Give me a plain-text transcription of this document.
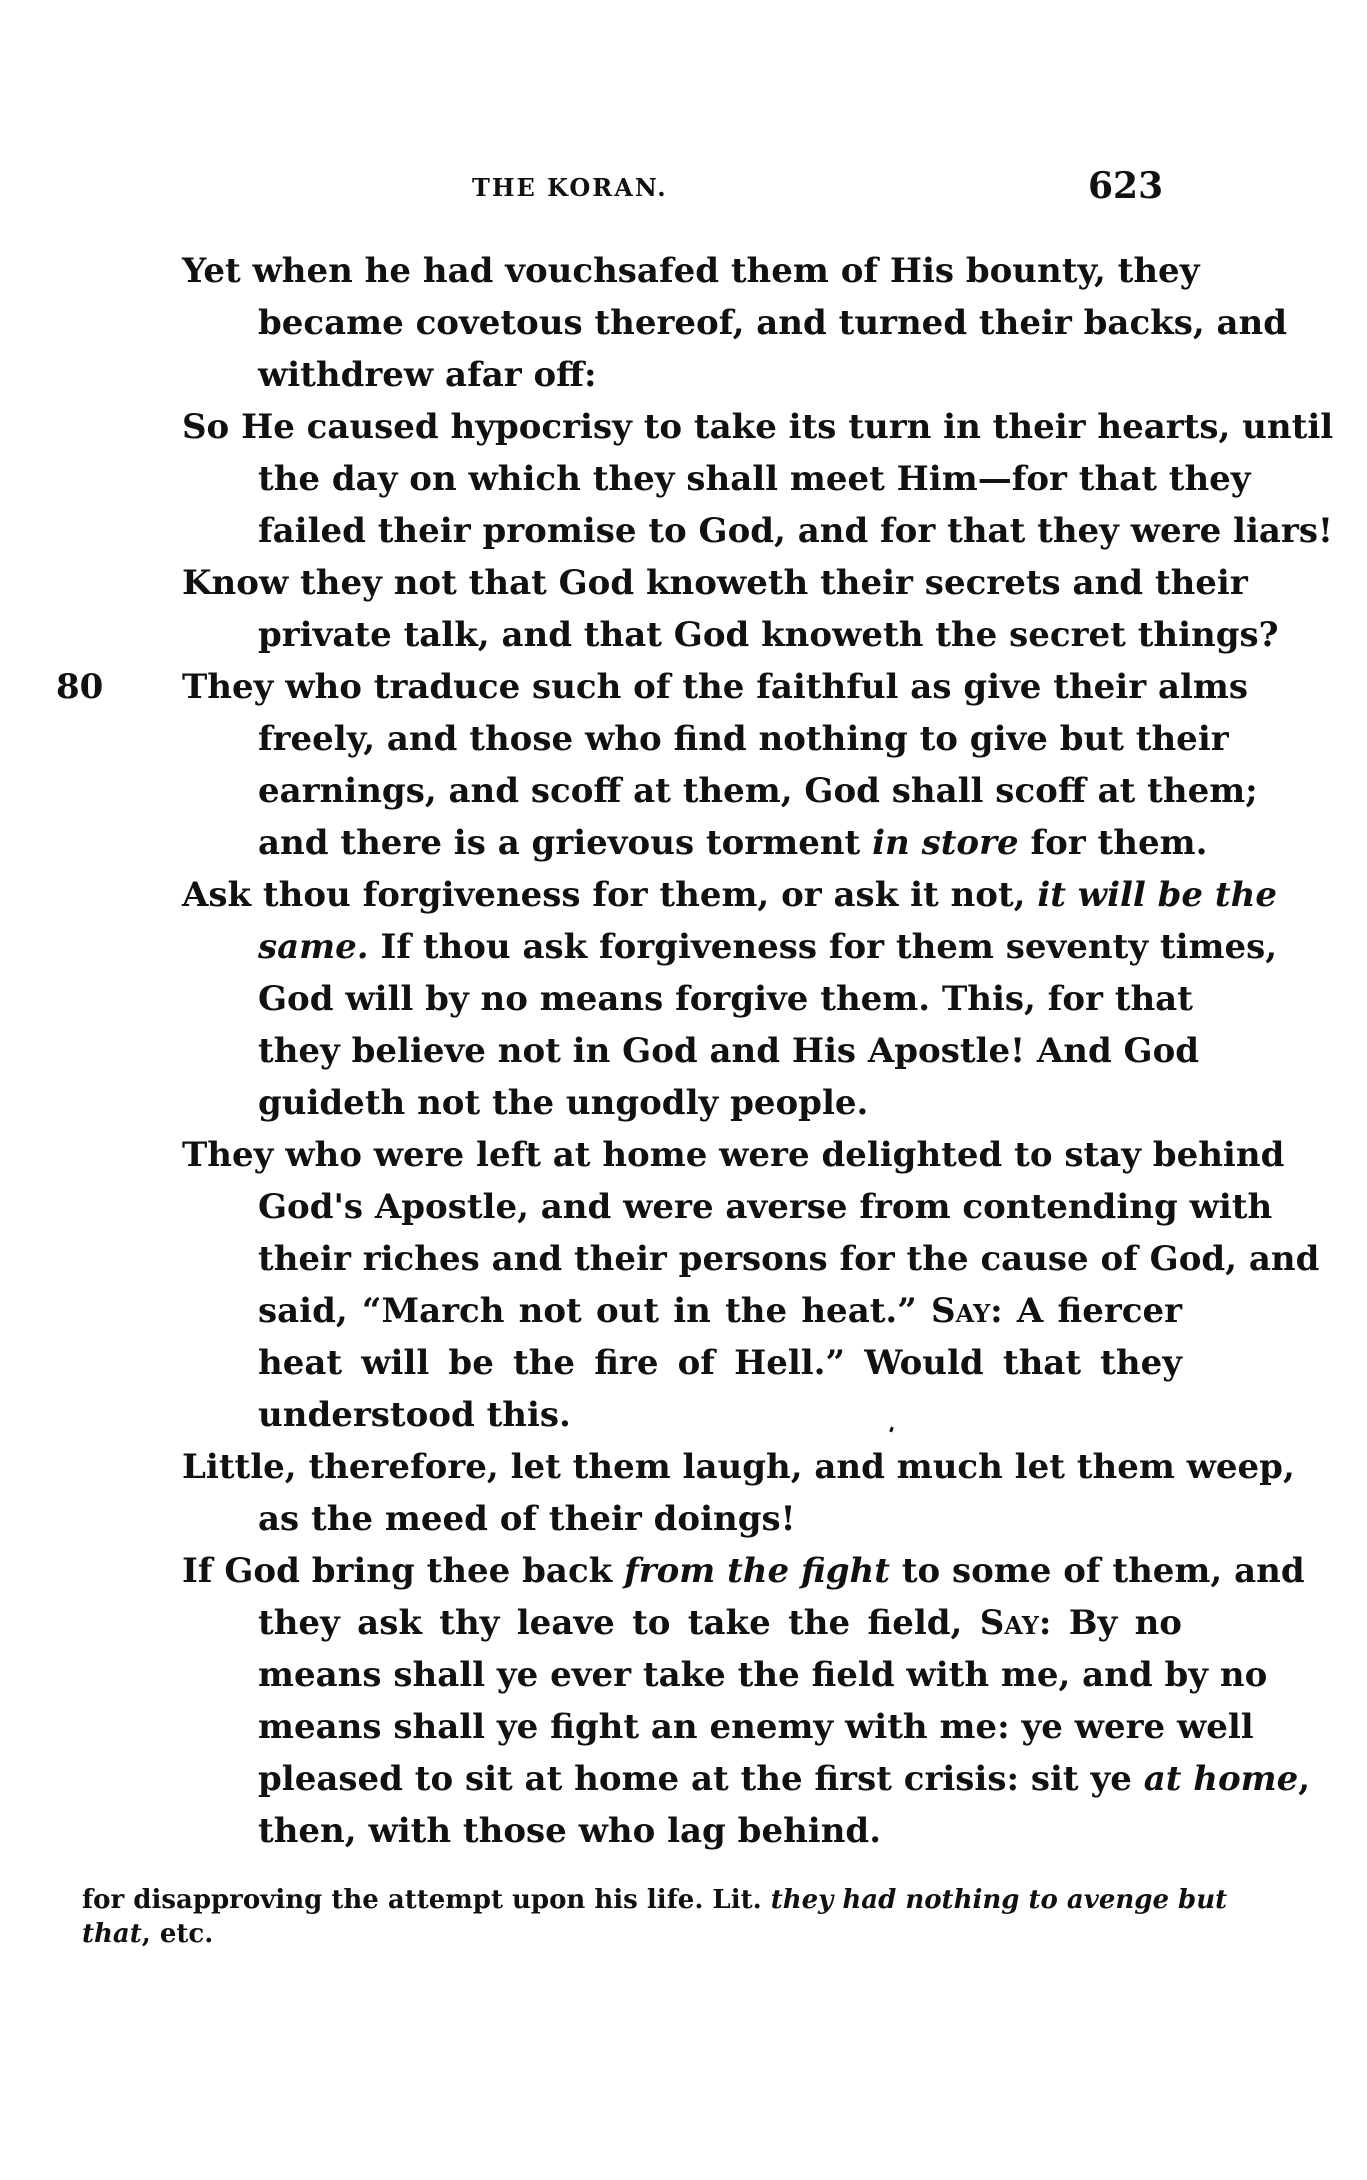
THE KORAN.	623
Yet when he had vouchsafed them of His bounty, they
became covetous thereof, and turned their backs, and
withdrew afar off:
So He caused hypocrisy to take its turn in their hearts, until
the day on which they shall meet Him—for that they
failed their promise to God, and for that they were liars!
Know they not that God knoweth their secrets and their
private talk, and that God knoweth the secret things?
80 They who traduce such of the faithful as give their alms
freely, and those who find nothing to give but their
earnings, and scoff at them, God shall scoff at them;
and there is a grievous torment in store for them.
Ask thou forgiveness for them, or ask it not, it will be the
same. If thou ask forgiveness for them seventy times,
God will by no means forgive them. This, for that
they believe not in God and His Apostle! And God
guideth not the ungodly people.
They who were left at home were delighted to stay behind
God's Apostle, and were averse from contending with
their riches and their persons for the cause of God, and
said, “March not out in the heat.” Say: A fiercer
heat will be the fire of Hell.” Would that they
understood this.
Little, therefore, let them laugh, and much let them weep,
as the meed of their doings!
If God bring thee back from the fight to some of them, and
they ask thy leave to take the field, Say: By no
means shall ye ever take the field with me, and by no
means shall ye fight an enemy with me: ye were well
pleased to sit at home at the first crisis: sit ye at home,
then, with those who lag behind.
for disapproving the attempt upon his life. Lit. they had nothing to avenge but
that, etc.
